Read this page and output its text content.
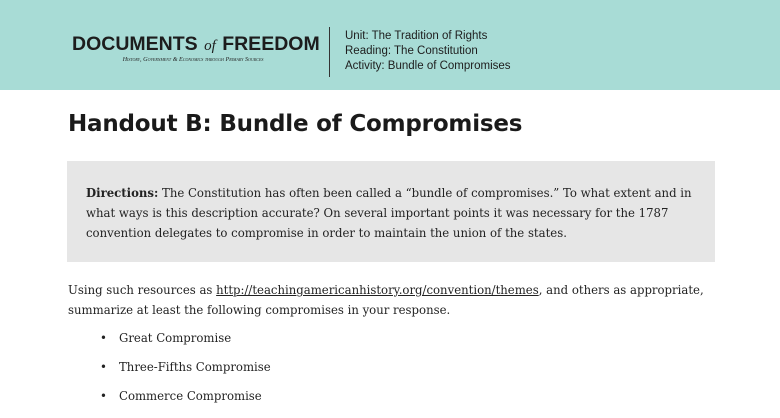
DOCUMENTS of FREEDOM
History, Government & Economics through Primary Sources
Unit: The Tradition of Rights
Reading: The Constitution
Activity: Bundle of Compromises
Handout B: Bundle of Compromises
Directions: The Constitution has often been called a “bundle of compromises.” To what extent and in what ways is this description accurate? On several important points it was necessary for the 1787 convention delegates to compromise in order to maintain the union of the states.
Using such resources as http://teachingamericanhistory.org/convention/themes, and others as appropriate, summarize at least the following compromises in your response.
• Great Compromise
• Three-Fifths Compromise
• Commerce Compromise
